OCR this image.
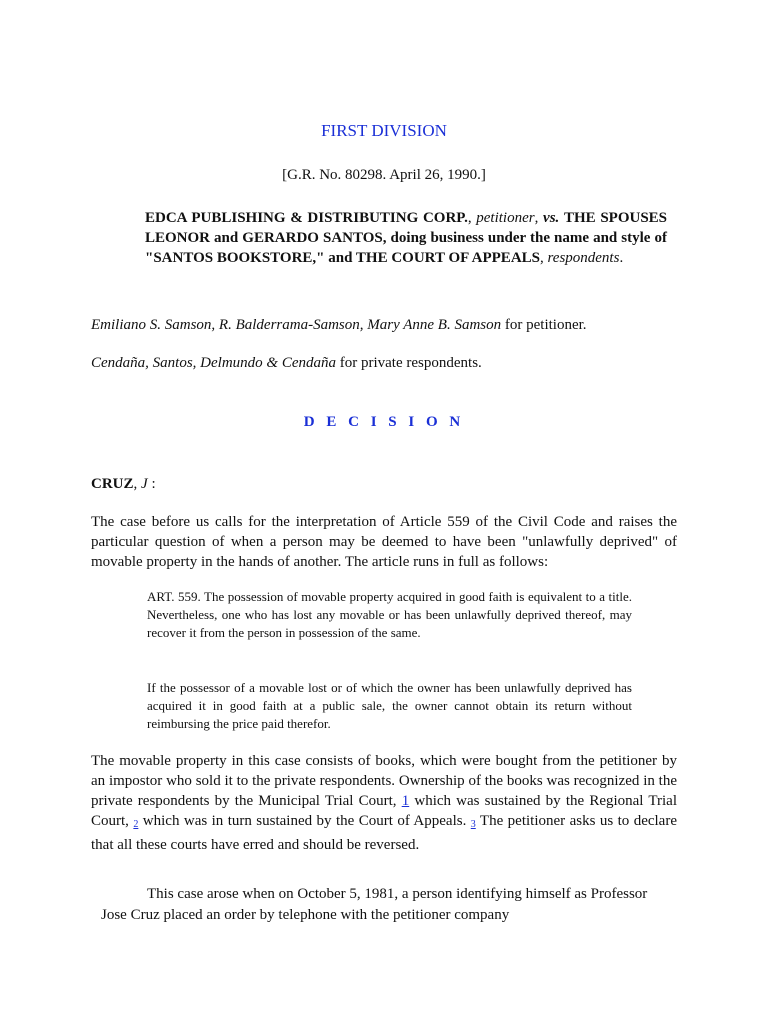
FIRST DIVISION
[G.R. No. 80298. April 26, 1990.]
EDCA PUBLISHING & DISTRIBUTING CORP., petitioner, vs. THE SPOUSES LEONOR and GERARDO SANTOS, doing business under the name and style of "SANTOS BOOKSTORE," and THE COURT OF APPEALS, respondents.
Emiliano S. Samson, R. Balderrama-Samson, Mary Anne B. Samson for petitioner.
Cendaña, Santos, Delmundo & Cendaña for private respondents.
D E C I S I O N
CRUZ, J :
The case before us calls for the interpretation of Article 559 of the Civil Code and raises the particular question of when a person may be deemed to have been "unlawfully deprived" of movable property in the hands of another. The article runs in full as follows:
ART. 559. The possession of movable property acquired in good faith is equivalent to a title. Nevertheless, one who has lost any movable or has been unlawfully deprived thereof, may recover it from the person in possession of the same.
If the possessor of a movable lost or of which the owner has been unlawfully deprived has acquired it in good faith at a public sale, the owner cannot obtain its return without reimbursing the price paid therefor.
The movable property in this case consists of books, which were bought from the petitioner by an impostor who sold it to the private respondents. Ownership of the books was recognized in the private respondents by the Municipal Trial Court, 1 which was sustained by the Regional Trial Court, 2 which was in turn sustained by the Court of Appeals. 3 The petitioner asks us to declare that all these courts have erred and should be reversed.
This case arose when on October 5, 1981, a person identifying himself as Professor Jose Cruz placed an order by telephone with the petitioner company
